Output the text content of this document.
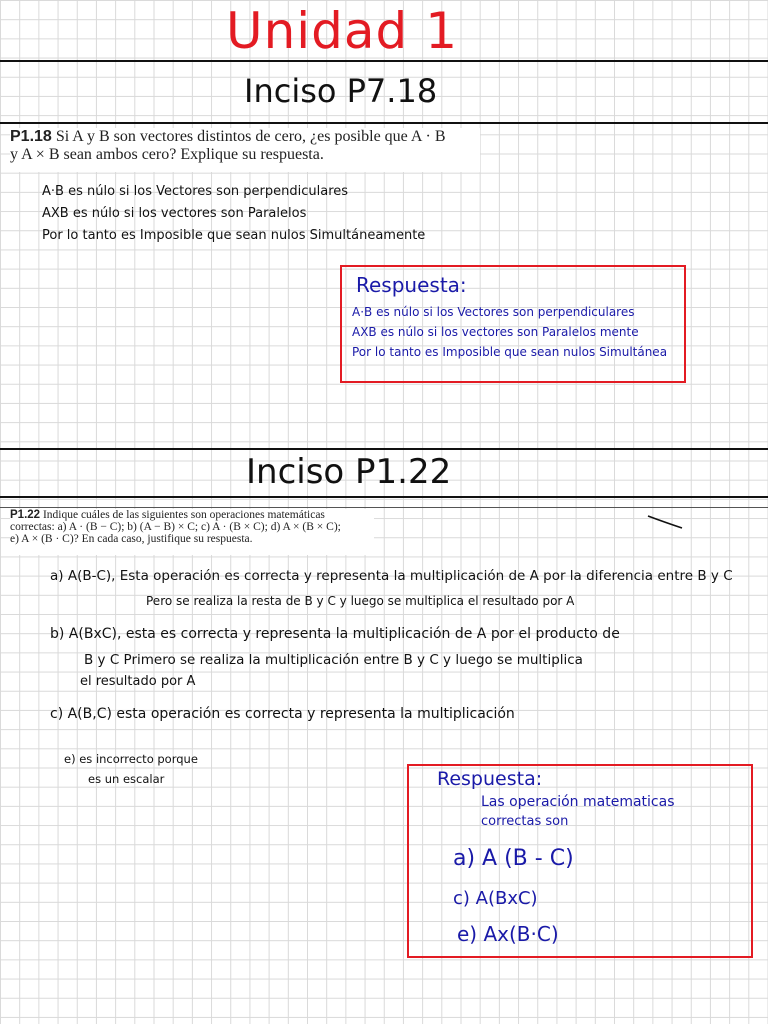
Unidad 1
Inciso P7.18

P1.18 Si A y B son vectores distintos de cero, ¿es posible que A · B

y A × B sean ambos cero? Explique su respuesta.

A·B es núlo si los Vectores son perpendiculares
AXB es núlo si los vectores son Paralelos
Por lo tanto es Imposible que sean nulos Simultáneamente
Respuesta:
A·B es núlo si los Vectores son perpendiculares
AXB es núlo si los vectores son Paralelos mente
Por lo tanto es Imposible que sean nulos Simultánea
Inciso P1.22

P1.22 Indique cuáles de las siguientes son operaciones matemáticas

correctas: a) A · (B − C); b) (A − B) × C; c) A · (B × C); d) A × (B × C);

e) A × (B · C)? En cada caso, justifique su respuesta.

a) A(B-C), Esta operación es correcta y representa la multiplicación de A por la diferencia entre B y C
Pero se realiza la resta de B y C y luego se multiplica el resultado por A
b) A(BxC), esta es correcta y representa la multiplicación de A por el producto de
B y C Primero se realiza la multiplicación entre B y C y luego se multiplica
el resultado por A
c) A(B,C) esta operación es correcta y representa la multiplicación
e) es incorrecto porque
es un escalar	Respuesta:
Las operación matematicas
correctas son
a) A (B - C)
c) A(BxC)
e) Ax(B·C)
